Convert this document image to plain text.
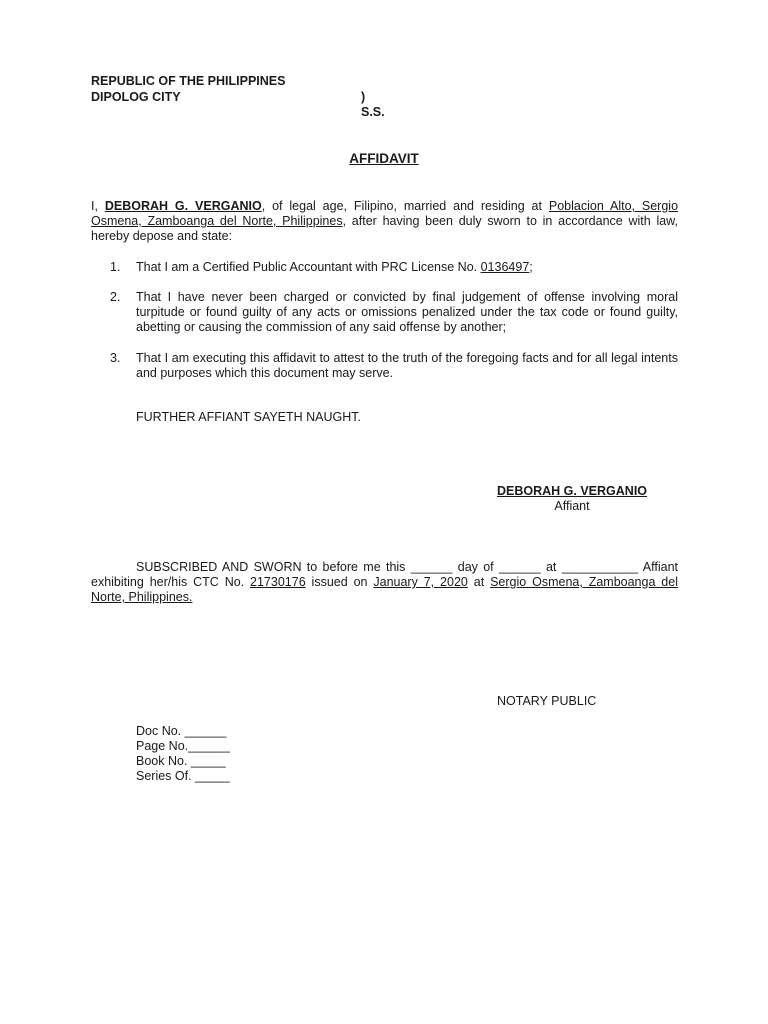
REPUBLIC OF THE PHILIPPINES
DIPOLOG CITY	) S.S.
AFFIDAVIT
I, DEBORAH G. VERGANIO, of legal age, Filipino, married and residing at Poblacion Alto, Sergio Osmena, Zamboanga del Norte, Philippines, after having been duly sworn to in accordance with law, hereby depose and state:
1.	That I am a Certified Public Accountant with PRC License No. 0136497;
2.	That I have never been charged or convicted by final judgement of offense involving moral turpitude or found guilty of any acts or omissions penalized under the tax code or found guilty, abetting or causing the commission of any said offense by another;
3.	That I am executing this affidavit to attest to the truth of the foregoing facts and for all legal intents and purposes which this document may serve.
FURTHER AFFIANT SAYETH NAUGHT.
DEBORAH G. VERGANIO
Affiant
SUBSCRIBED AND SWORN to before me this ______ day of ______ at ___________ Affiant exhibiting her/his CTC No. 21730176 issued on January 7, 2020 at Sergio Osmena, Zamboanga del Norte, Philippines.
NOTARY PUBLIC
Doc No. ______
Page No.______
Book No. _____
Series Of. _____
